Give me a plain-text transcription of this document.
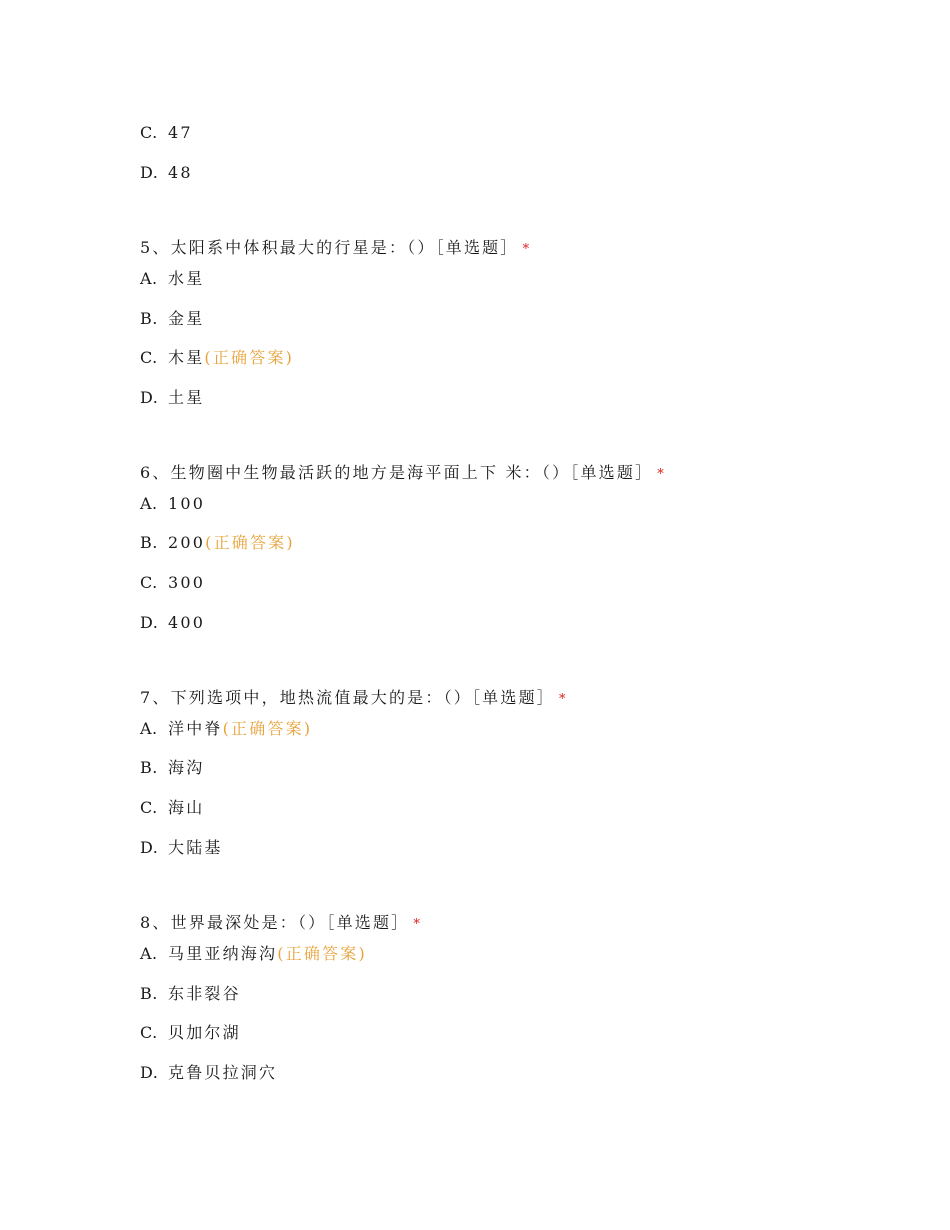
C. 47
D. 48
5、太阳系中体积最大的行星是：（）［单选题］ *
A. 水星
B. 金星
C. 木星(正确答案)
D. 土星
6、生物圈中生物最活跃的地方是海平面上下 米：（）［单选题］ *
A. 100
B. 200(正确答案)
C. 300
D. 400
7、下列选项中，地热流值最大的是：（）［单选题］ *
A. 洋中脊(正确答案)
B. 海沟
C. 海山
D. 大陆基
8、世界最深处是：（）［单选题］ *
A. 马里亚纳海沟(正确答案)
B. 东非裂谷
C. 贝加尔湖
D. 克鲁贝拉洞穴
